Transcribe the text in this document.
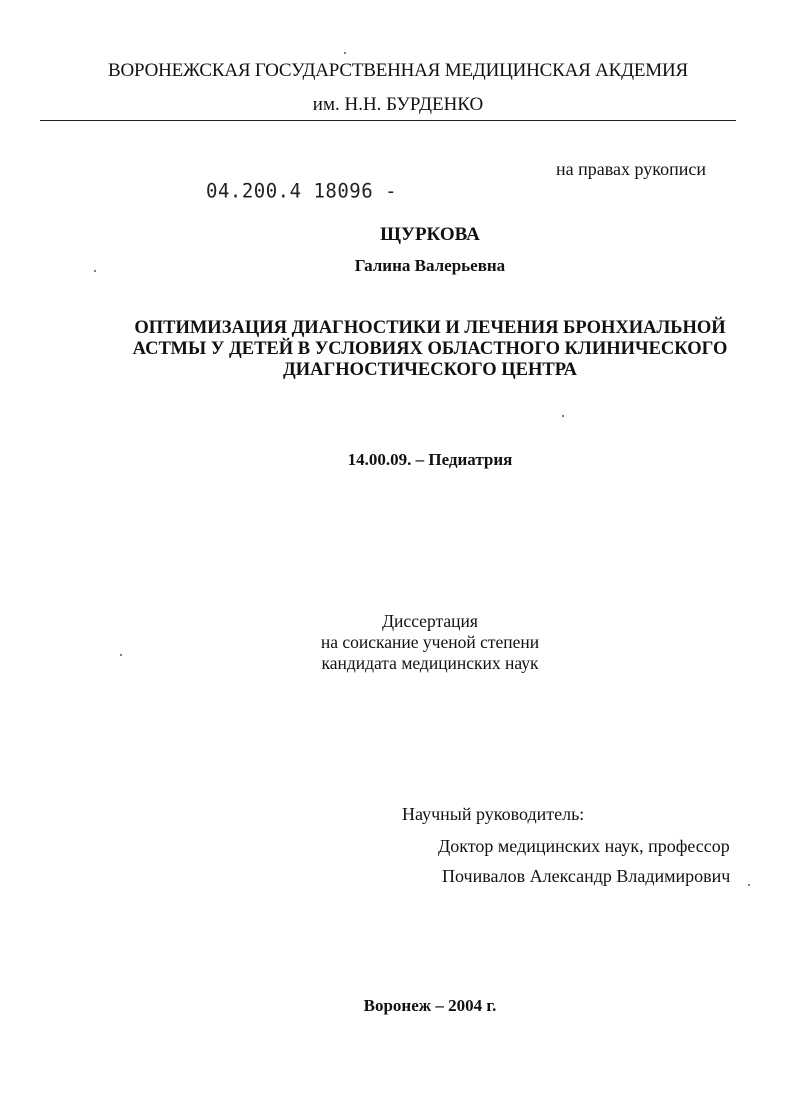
ВОРОНЕЖСКАЯ ГОСУДАРСТВЕННАЯ МЕДИЦИНСКАЯ АКДЕМИЯ
им. Н.Н. БУРДЕНКО
на правах рукописи
04.200.4 18096 -
ЩУРКОВА
Галина Валерьевна
ОПТИМИЗАЦИЯ ДИАГНОСТИКИ И ЛЕЧЕНИЯ БРОНХИАЛЬНОЙ
АСТМЫ У ДЕТЕЙ В УСЛОВИЯХ ОБЛАСТНОГО КЛИНИЧЕСКОГО
ДИАГНОСТИЧЕСКОГО ЦЕНТРА
14.00.09. – Педиатрия
Диссертация
на соискание ученой степени
кандидата медицинских наук
Научный руководитель:
Доктор медицинских наук, профессор
Почивалов Александр Владимирович
Воронеж – 2004 г.
